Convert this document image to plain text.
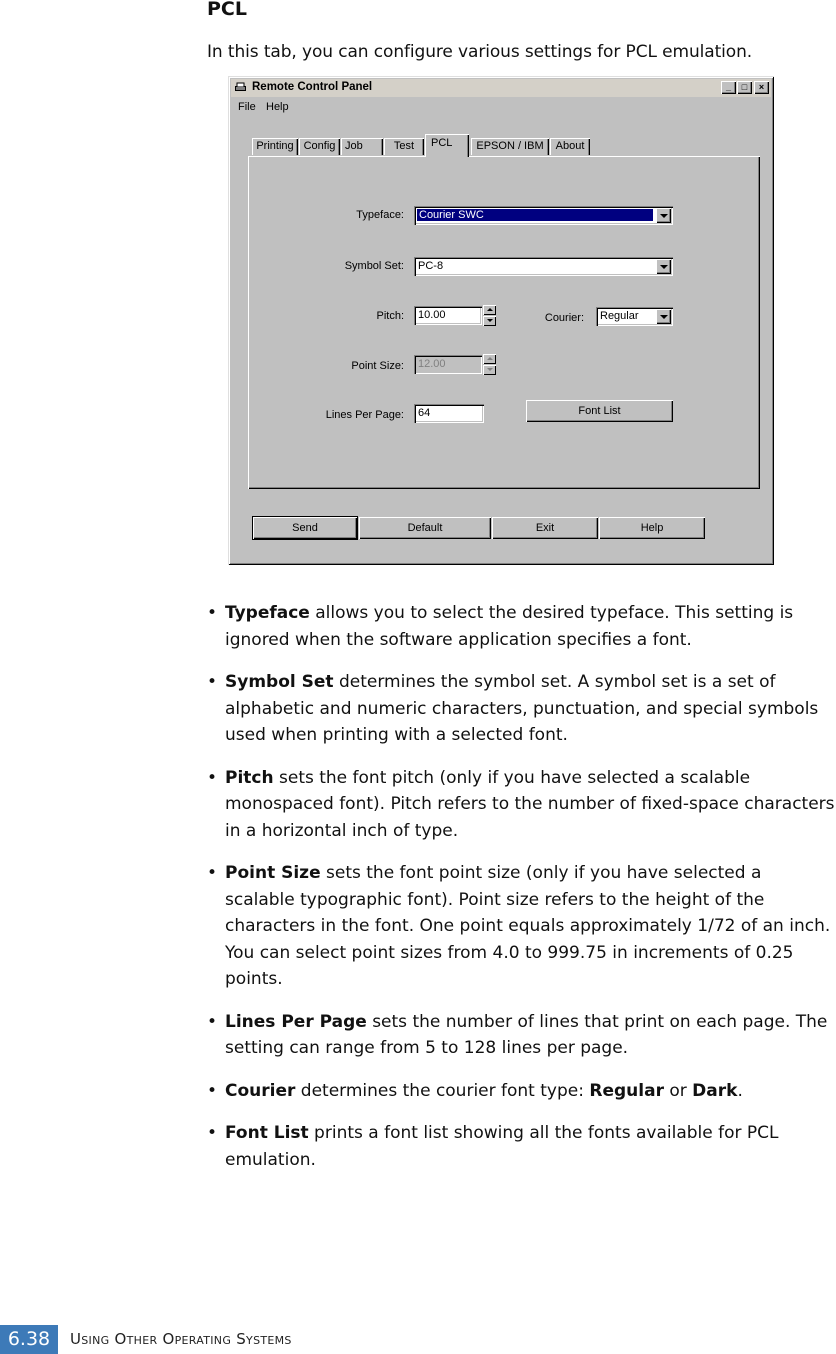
PCL
In this tab, you can configure various settings for PCL emulation.
Remote Control Panel	_	□	×
File Help
Printing Config Job	Test	PCL	EPSON / IBM	About
Typeface: Courier SWC
Symbol Set: PC-8
Pitch: 10.00	Courier: Regular
Point Size: 12.00
Lines Per Page: 64	Font List
Send	Default	Exit	Help
• Typeface allows you to select the desired typeface. This setting is ignored when the software application specifies a font.
• Symbol Set determines the symbol set. A symbol set is a set of alphabetic and numeric characters, punctuation, and special symbols used when printing with a selected font.
• Pitch sets the font pitch (only if you have selected a scalable monospaced font). Pitch refers to the number of fixed-space characters in a horizontal inch of type.
• Point Size sets the font point size (only if you have selected a scalable typographic font). Point size refers to the height of the characters in the font. One point equals approximately 1/72 of an inch. You can select point sizes from 4.0 to 999.75 in increments of 0.25 points.
• Lines Per Page sets the number of lines that print on each page. The setting can range from 5 to 128 lines per page.
• Courier determines the courier font type: Regular or Dark.
• Font List prints a font list showing all the fonts available for PCL emulation.
6.38	Using Other Operating Systems
